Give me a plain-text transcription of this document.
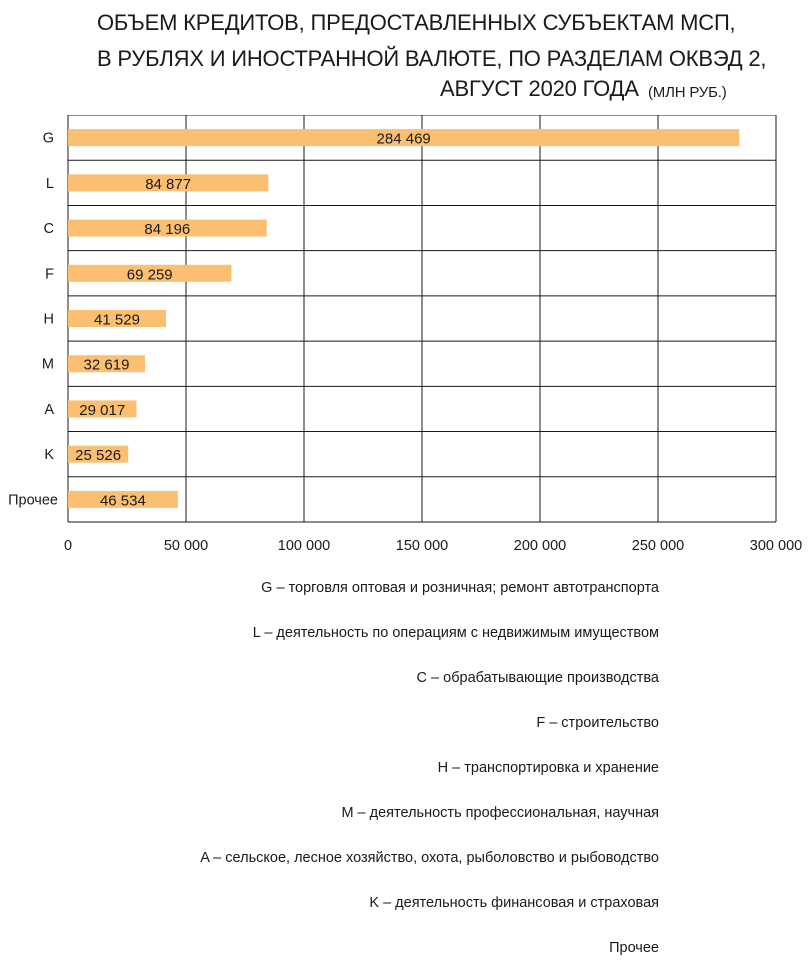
ОБЪЕМ КРЕДИТОВ, ПРЕДОСТАВЛЕННЫХ СУБЪЕКТАМ МСП,
В РУБЛЯХ И ИНОСТРАННОЙ ВАЛЮТЕ, ПО РАЗДЕЛАМ ОКВЭД 2,
АВГУСТ 2020 ГОДА (МЛН РУБ.)
0	50 000	100 000	150 000	200 000	250 000	300 000
G	284 469
L	84 877
C	84 196
F	69 259
H	41 529
M 32 619
A 29 017
K 25 526
Прочее	46 534
G – торговля оптовая и розничная; ремонт автотранспорта
L – деятельность по операциям с недвижимым имуществом
C – обрабатывающие производства
F – строительство
H – транспортировка и хранение
M – деятельность профессиональная, научная
A – сельское, лесное хозяйство, охота, рыболовство и рыбоводство
K – деятельность финансовая и страховая
Прочее
